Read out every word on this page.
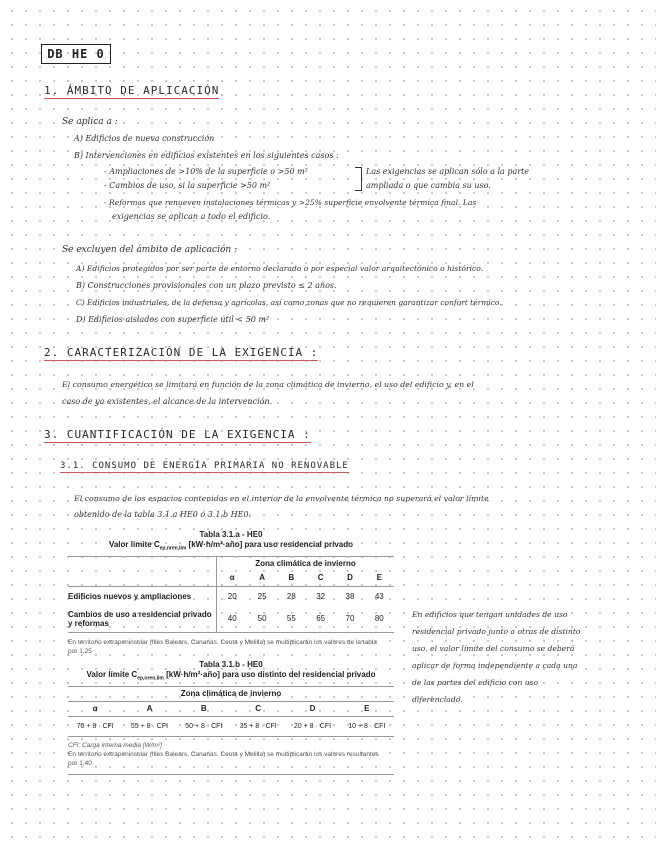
DB HE 0
1. ÁMBITO DE APLICACIÓN
Se aplica a :
A) Edificios de nueva construcción
B) Intervenciones en edificios existentes en los siguientes casos :
- Ampliaciones de >10% de la superficie o >50 m²
- Cambios de uso, si la superficie >50 m²
Las exigencias se aplican sólo a la parte
ampliada o que cambia su uso.
- Reformas que renueven instalaciones térmicas y >25% superficie envolvente térmica final. Las
exigencias se aplican a todo el edificio.
Se excluyen del ámbito de aplicación :
A) Edificios protegidos por ser parte de entorno declarado o por especial valor arquitectónico o histórico.
B) Construcciones provisionales con un plazo previsto ≤ 2 años.
C) Edificios industriales, de la defensa y agrícolas, así como zonas que no requieren garantizar confort térmico.
D) Edificios aislados con superficie útil < 50 m²
2. CARACTERIZACIÓN DE LA EXIGENCIA :
El consumo energético se limitará en función de la zona climática de invierno, el uso del edificio y, en el
caso de ya existentes, el alcance de la intervención.
3. CUANTIFICACIÓN DE LA EXIGENCIA :
3.1. CONSUMO DE ENERGÍA PRIMARIA NO RENOVABLE
El consumo de los espacios contenidos en el interior de la envolvente térmica no superará el valor límite
obtenido de la tabla 3.1.a HE0 ó 3.1.b HE0.
Tabla 3.1.a - HE0
Valor límite $C_{ep,nren,lim}$ [kW·h/m²·año] para uso residencial privado
	Zona climática de invierno					
	α	A	B	C	D	E
Edificios nuevos y ampliaciones	20	25	28	32	38	43
Cambios de uso a residencial privado y reformas	40	50	55	65	70	80
En territorio extrapeninsular (Illes Balears, Canarias, Ceuta y Melilla) se multiplicarán los valores de la tabla por 1,25
Tabla 3.1.b - HE0
Valor límite $C_{ep,nren,lim}$ [kW·h/m²·año] para uso distinto del residencial privado
Zona climática de invierno
α	A	B	C	D	E
70 + 8 · CFI	55 + 8 · CFI	50 + 8 · CFI	35 + 8 · CFI	20 + 8 · CFI	10 + 8 · CFI
CFI: Carga interna media [W/m²]
En territorio extrapeninsular (Illes Balears, Canarias, Ceuta y Melilla) se multiplicarán los valores resultantes por 1,40
En edificios que tengan unidades de uso
residencial privado junto a otras de distinto
uso, el valor límite del consumo se deberá
aplicar de forma independiente a cada una
de las partes del edificio con uso
diferenciado.
